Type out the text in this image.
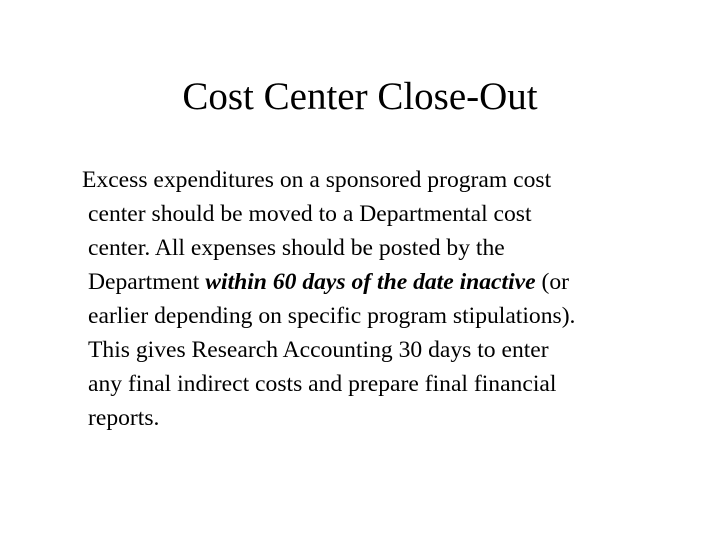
Cost Center Close-Out
Excess expenditures on a sponsored program cost
center should be moved to a Departmental cost
center. All expenses should be posted by the
Department within 60 days of the date inactive (or
earlier depending on specific program stipulations).
This gives Research Accounting 30 days to enter
any final indirect costs and prepare final financial
reports.
